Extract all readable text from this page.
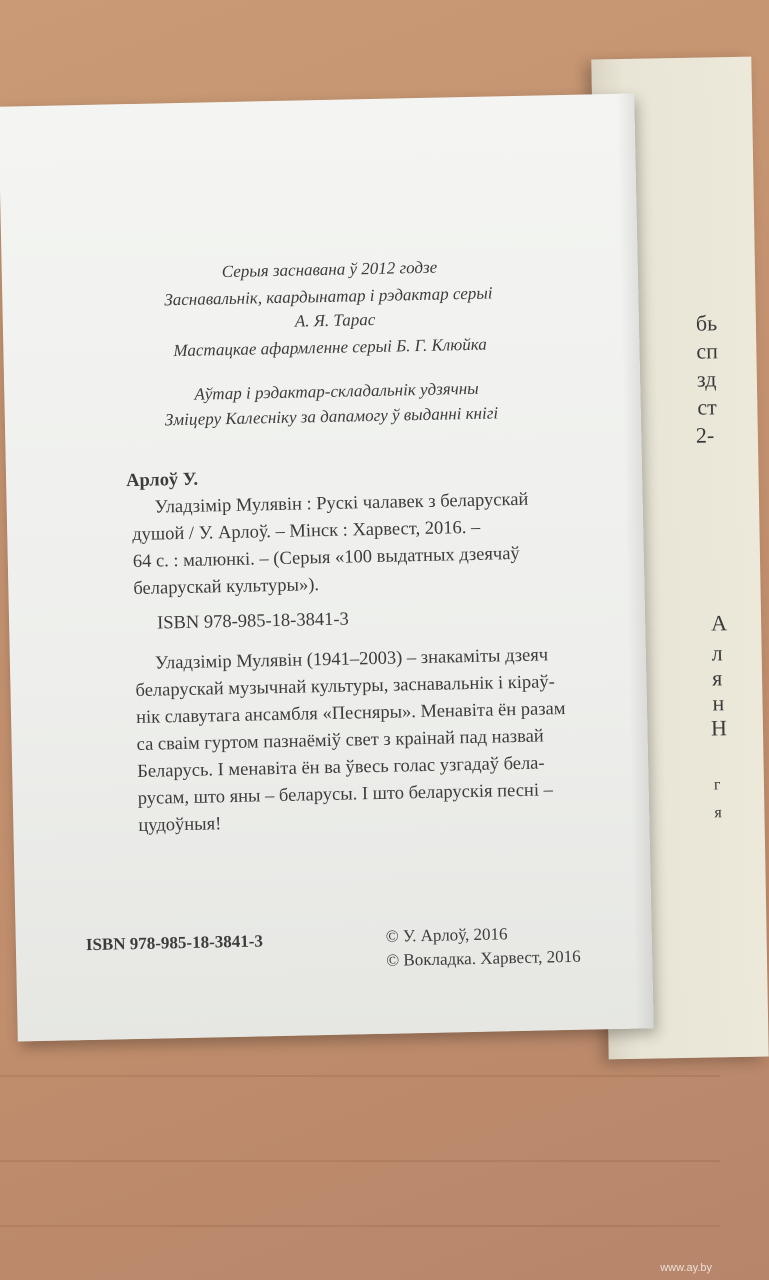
бь
сп
зд
ст
2-
А
л
я
н
Н
г
я
Серыя заснавана ў 2012 годзе
Заснавальнік, каардынатар і рэдактар серыі
А. Я. Тарас
Мастацкае афармленне серыі Б. Г. Клюйка
Аўтар і рэдактар-складальнік удзячны
Зміцеру Калесніку за дапамогу ў выданні кнігі
Арлоў У.
Уладзімір Мулявін : Рускі чалавек з беларускай
душой / У. Арлоў. – Мінск : Харвест, 2016. –
64 с. : малюнкі. – (Серыя «100 выдатных дзеячаў
беларускай культуры»).
ISBN 978-985-18-3841-3
Уладзімір Мулявін (1941–2003) – знакаміты дзеяч
беларускай музычнай культуры, заснавальнік і кіраў-
нік славутага ансамбля «Песняры». Менавіта ён разам
са сваім гуртом пазнаёміў свет з краінай пад назвай
Беларусь. І менавіта ён ва ўвесь голас узгадаў бела-
русам, што яны – беларусы. І што беларускія песні –
цудоўныя!
ISBN 978-985-18-3841-3	© У. Арлоў, 2016
© Вокладка. Харвест, 2016
www.ay.by
